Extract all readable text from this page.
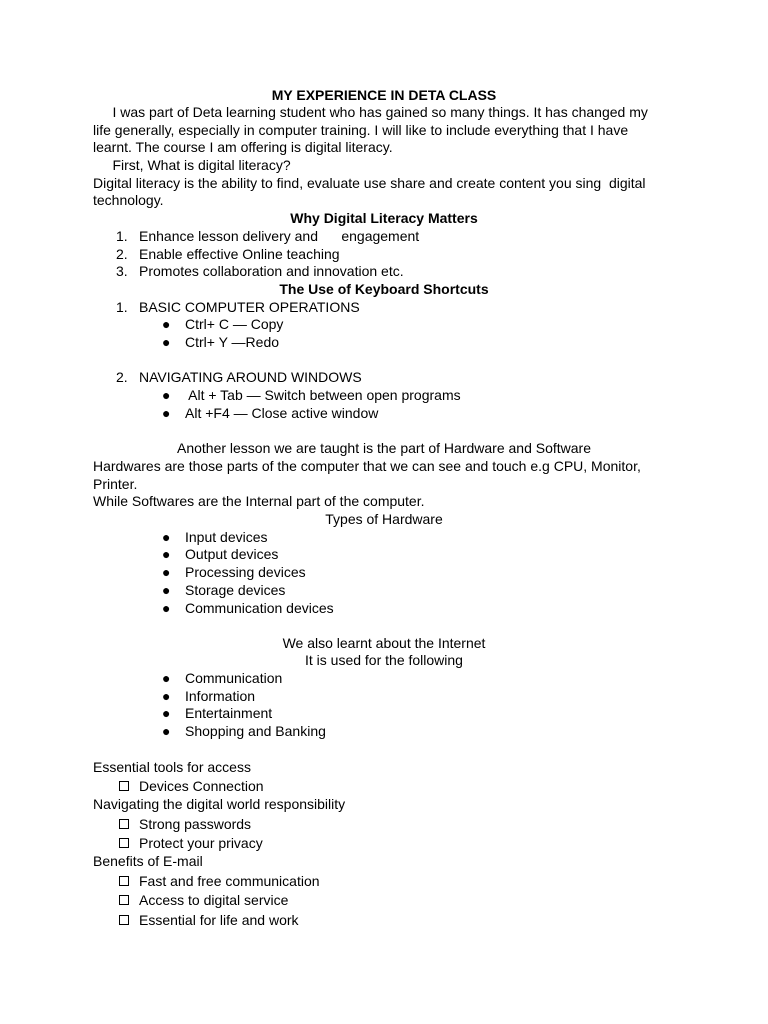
MY EXPERIENCE IN DETA CLASS
I was part of Deta learning student who has gained so many things. It has changed my
life generally, especially in computer training. I will like to include everything that I have
learnt. The course I am offering is digital literacy.
First, What is digital literacy?
Digital literacy is the ability to find, evaluate use share and create content you sing  digital
technology.
Why Digital Literacy Matters
1. Enhance lesson delivery and      engagement
2. Enable effective Online teaching
3. Promotes collaboration and innovation etc.
The Use of Keyboard Shortcuts
1. BASIC COMPUTER OPERATIONS
● Ctrl+ C — Copy
● Ctrl+ Y —Redo
2. NAVIGATING AROUND WINDOWS
● Alt + Tab — Switch between open programs
● Alt +F4 — Close active window
Another lesson we are taught is the part of Hardware and Software
Hardwares are those parts of the computer that we can see and touch e.g CPU, Monitor,
Printer.
While Softwares are the Internal part of the computer.
Types of Hardware
● Input devices
● Output devices
● Processing devices
● Storage devices
● Communication devices
We also learnt about the Internet
It is used for the following
● Communication
● Information
● Entertainment
● Shopping and Banking
Essential tools for access
Devices Connection
Navigating the digital world responsibility
Strong passwords
Protect your privacy
Benefits of E-mail
Fast and free communication
Access to digital service
Essential for life and work
